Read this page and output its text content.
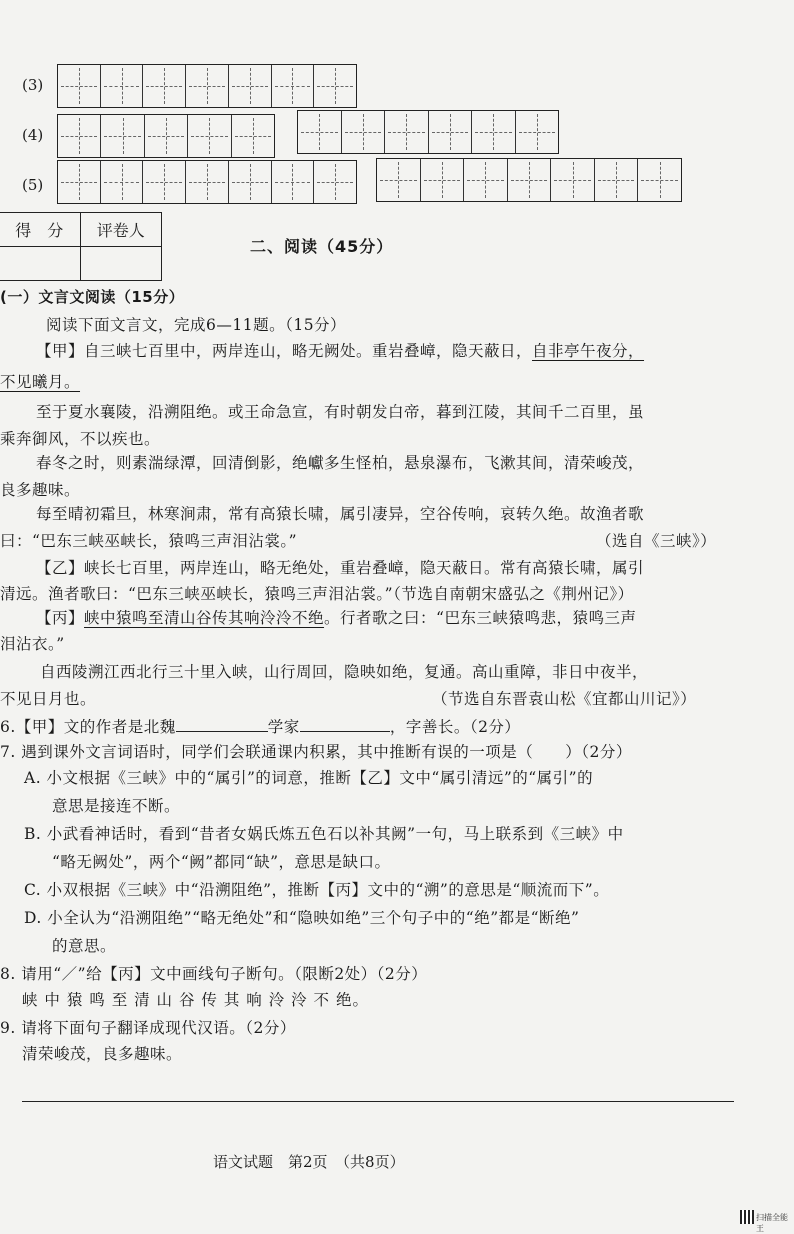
(3)
(4)
(5)
得　分	评卷人

二、阅读（45分）
(一）文言文阅读（15分）
阅读下面文言文，完成6—11题。（15分）
【甲】自三峡七百里中，两岸连山，略无阙处。重岩叠嶂，隐天蔽日，自非亭午夜分，
不见曦月。
至于夏水襄陵，沿溯阻绝。或王命急宣，有时朝发白帝，暮到江陵，其间千二百里，虽
乘奔御风，不以疾也。
春冬之时，则素湍绿潭，回清倒影，绝巘多生怪柏，悬泉瀑布，飞漱其间，清荣峻茂，
良多趣味。
每至晴初霜旦，林寒涧肃，常有高猿长啸，属引凄异，空谷传响，哀转久绝。故渔者歌
曰：“巴东三峡巫峡长，猿鸣三声泪沾裳。”	（选自《三峡》）
【乙】峡长七百里，两岸连山，略无绝处，重岩叠嶂，隐天蔽日。常有高猿长啸，属引
清远。渔者歌曰：“巴东三峡巫峡长，猿鸣三声泪沾裳。”（节选自南朝宋盛弘之《荆州记》）
【丙】峡中猿鸣至清山谷传其响泠泠不绝。行者歌之曰：“巴东三峡猿鸣悲，猿鸣三声
泪沾衣。”
自西陵溯江西北行三十里入峡，山行周回，隐映如绝，复通。高山重障，非日中夜半，
不见日月也。	（节选自东晋袁山松《宜都山川记》）
6.【甲】文的作者是北魏	学家	，字善长。（2分）
7. 遇到课外文言词语时，同学们会联通课内积累，其中推断有误的一项是（　　）（2分）
A. 小文根据《三峡》中的“属引”的词意，推断【乙】文中“属引清远”的“属引”的
意思是接连不断。
B. 小武看神话时，看到“昔者女娲氏炼五色石以补其阙”一句，马上联系到《三峡》中
“略无阙处”，两个“阙”都同“缺”，意思是缺口。
C. 小双根据《三峡》中“沿溯阻绝”，推断【丙】文中的“溯”的意思是“顺流而下”。
D. 小全认为“沿溯阻绝”“略无绝处”和“隐映如绝”三个句子中的“绝”都是“断绝”
的意思。
8. 请用“／”给【丙】文中画线句子断句。（限断2处）（2分）
峡 中 猿 鸣 至 清 山 谷 传 其 响 泠 泠 不 绝。
9. 请将下面句子翻译成现代汉语。（2分）
清荣峻茂，良多趣味。
语文试题　第2页　（共8页）
扫描全能王
